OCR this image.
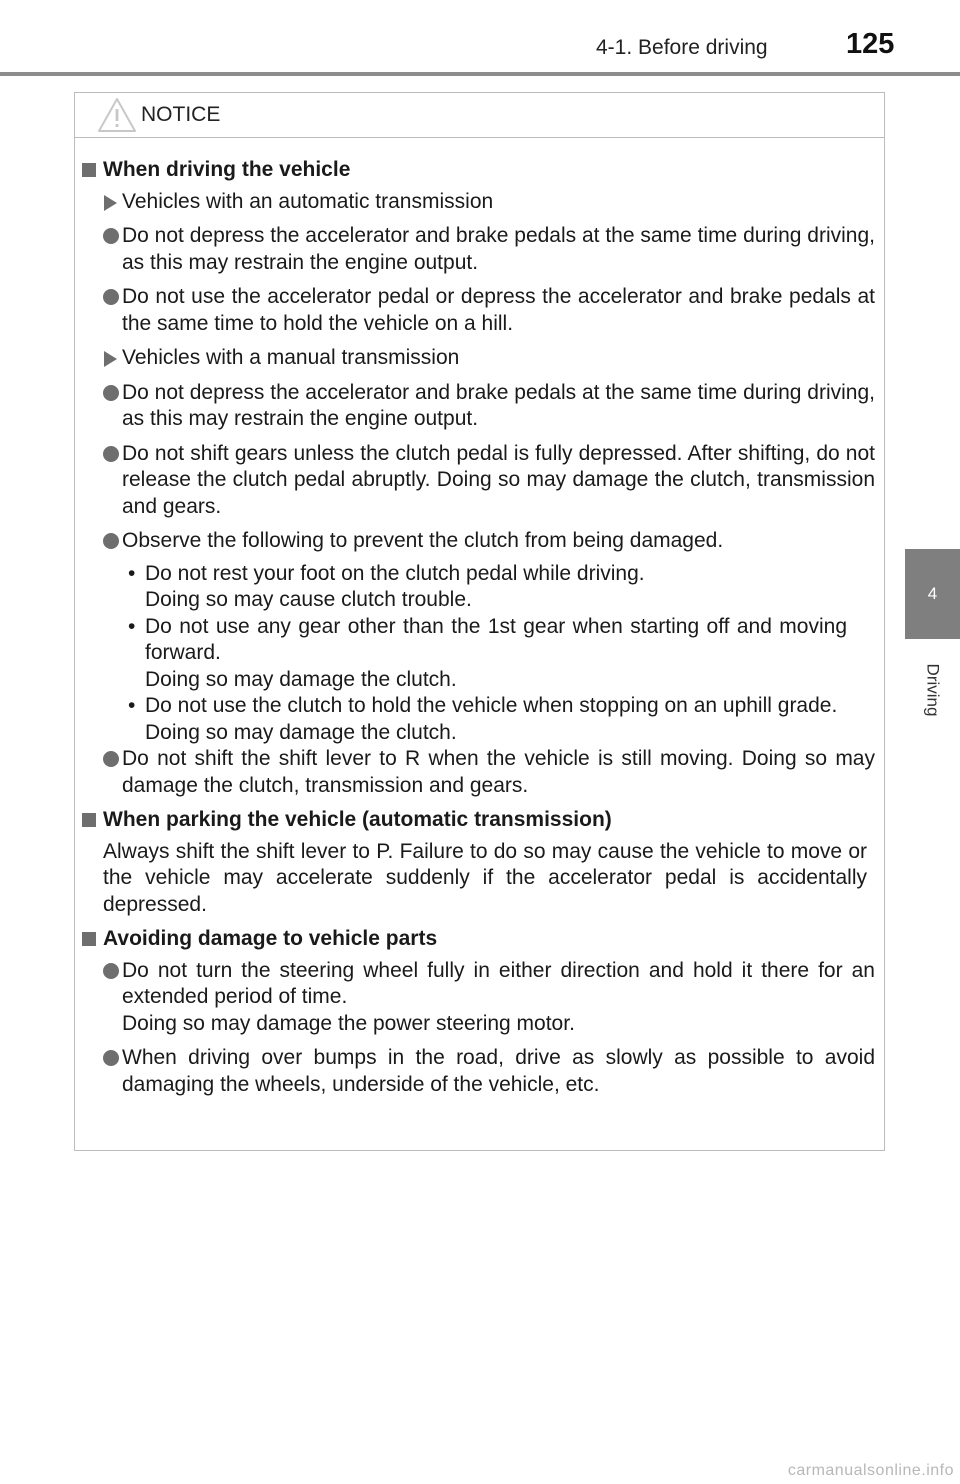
4-1. Before driving	125
4
Driving
NOTICE
When driving the vehicle
Vehicles with an automatic transmission
Do not depress the accelerator and brake pedals at the same time during driving, as this may restrain the engine output.
Do not use the accelerator pedal or depress the accelerator and brake pedals at the same time to hold the vehicle on a hill.
Vehicles with a manual transmission
Do not depress the accelerator and brake pedals at the same time during driving, as this may restrain the engine output.
Do not shift gears unless the clutch pedal is fully depressed. After shifting, do not release the clutch pedal abruptly. Doing so may damage the clutch, transmission and gears.
Observe the following to prevent the clutch from being damaged.
• Do not rest your foot on the clutch pedal while driving.
Doing so may cause clutch trouble.
• Do not use any gear other than the 1st gear when starting off and moving forward.
Doing so may damage the clutch.
• Do not use the clutch to hold the vehicle when stopping on an uphill grade.
Doing so may damage the clutch.
Do not shift the shift lever to R when the vehicle is still moving. Doing so may damage the clutch, transmission and gears.
When parking the vehicle (automatic transmission)
Always shift the shift lever to P. Failure to do so may cause the vehicle to move or the vehicle may accelerate suddenly if the accelerator pedal is accidentally depressed.
Avoiding damage to vehicle parts
Do not turn the steering wheel fully in either direction and hold it there for an extended period of time.
Doing so may damage the power steering motor.
When driving over bumps in the road, drive as slowly as possible to avoid damaging the wheels, underside of the vehicle, etc.
carmanualsonline.info
